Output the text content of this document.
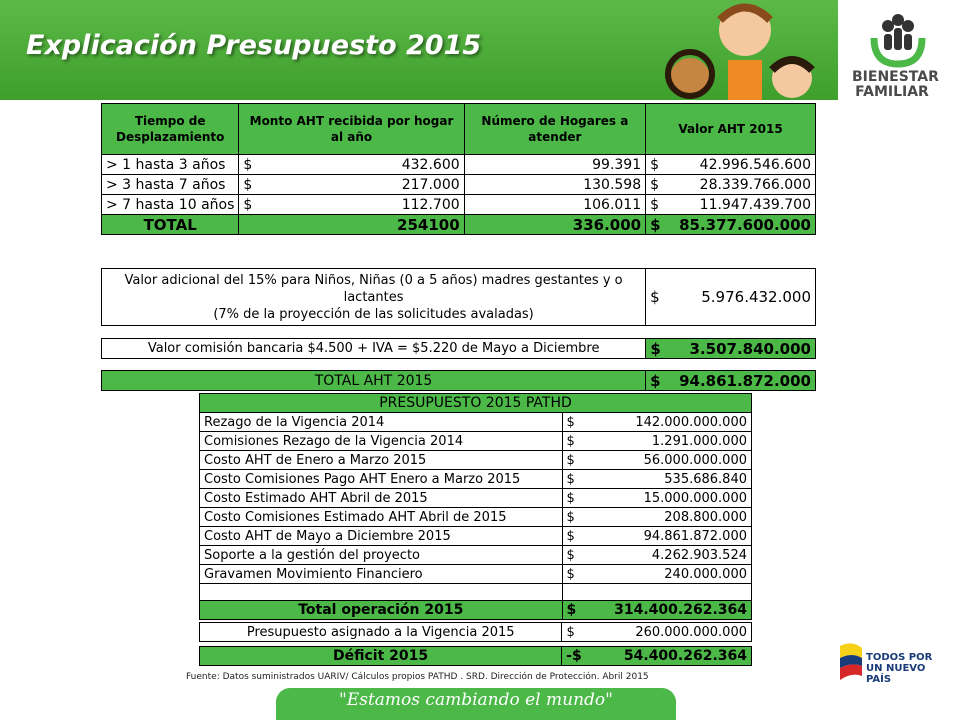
Explicación Presupuesto 2015
BIENESTAR FAMILIAR
Tiempo de Desplazamiento	Monto AHT recibida por hogar al año	Número de Hogares a atender	Valor AHT 2015
> 1 hasta 3 años	$ 432.600	99.391	$ 42.996.546.600

> 3 hasta 7 años	$ 217.000	130.598	$ 28.339.766.000

> 7 hasta 10 años	$ 112.700	106.011	$ 11.947.439.700

TOTAL	254100	336.000	$ 85.377.600.000
Valor adicional del 15% para Niños, Niñas (0 a 5 años) madres gestantes y o
lactantes
(7% de la proyección de las solicitudes avaladas)
	$	5.976.432.000
Valor comisión bancaria $4.500 + IVA = $5.220 de Mayo a Diciembre	$ 3.507.840.000
TOTAL AHT 2015	$ 94.861.872.000
PRESUPUESTO 2015 PATHD	
Rezago de la Vigencia 2014	$ 142.000.000.000

Comisiones Rezago de la Vigencia 2014	$ 1.291.000.000

Costo AHT de Enero a Marzo 2015	$ 56.000.000.000

Costo Comisiones Pago AHT Enero a Marzo 2015	$ 535.686.840

Costo Estimado AHT Abril de 2015	$ 15.000.000.000

Costo Comisiones Estimado AHT Abril de 2015	$ 208.800.000

Costo AHT de Mayo a Diciembre 2015	$ 94.861.872.000

Soporte a la gestión del proyecto	$ 4.262.903.524

Gravamen Movimiento Financiero	$ 240.000.000

Total operación 2015	$ 314.400.262.364
Presupuesto asignado a la Vigencia 2015	$	260.000.000.000
Déficit 2015	-$	54.400.262.364
Fuente: Datos suministrados UARIV/ Cálculos propios PATHD . SRD. Dirección de Protección. Abril 2015
"Estamos cambiando el mundo"
TODOS POR UN NUEVO PAÍS
